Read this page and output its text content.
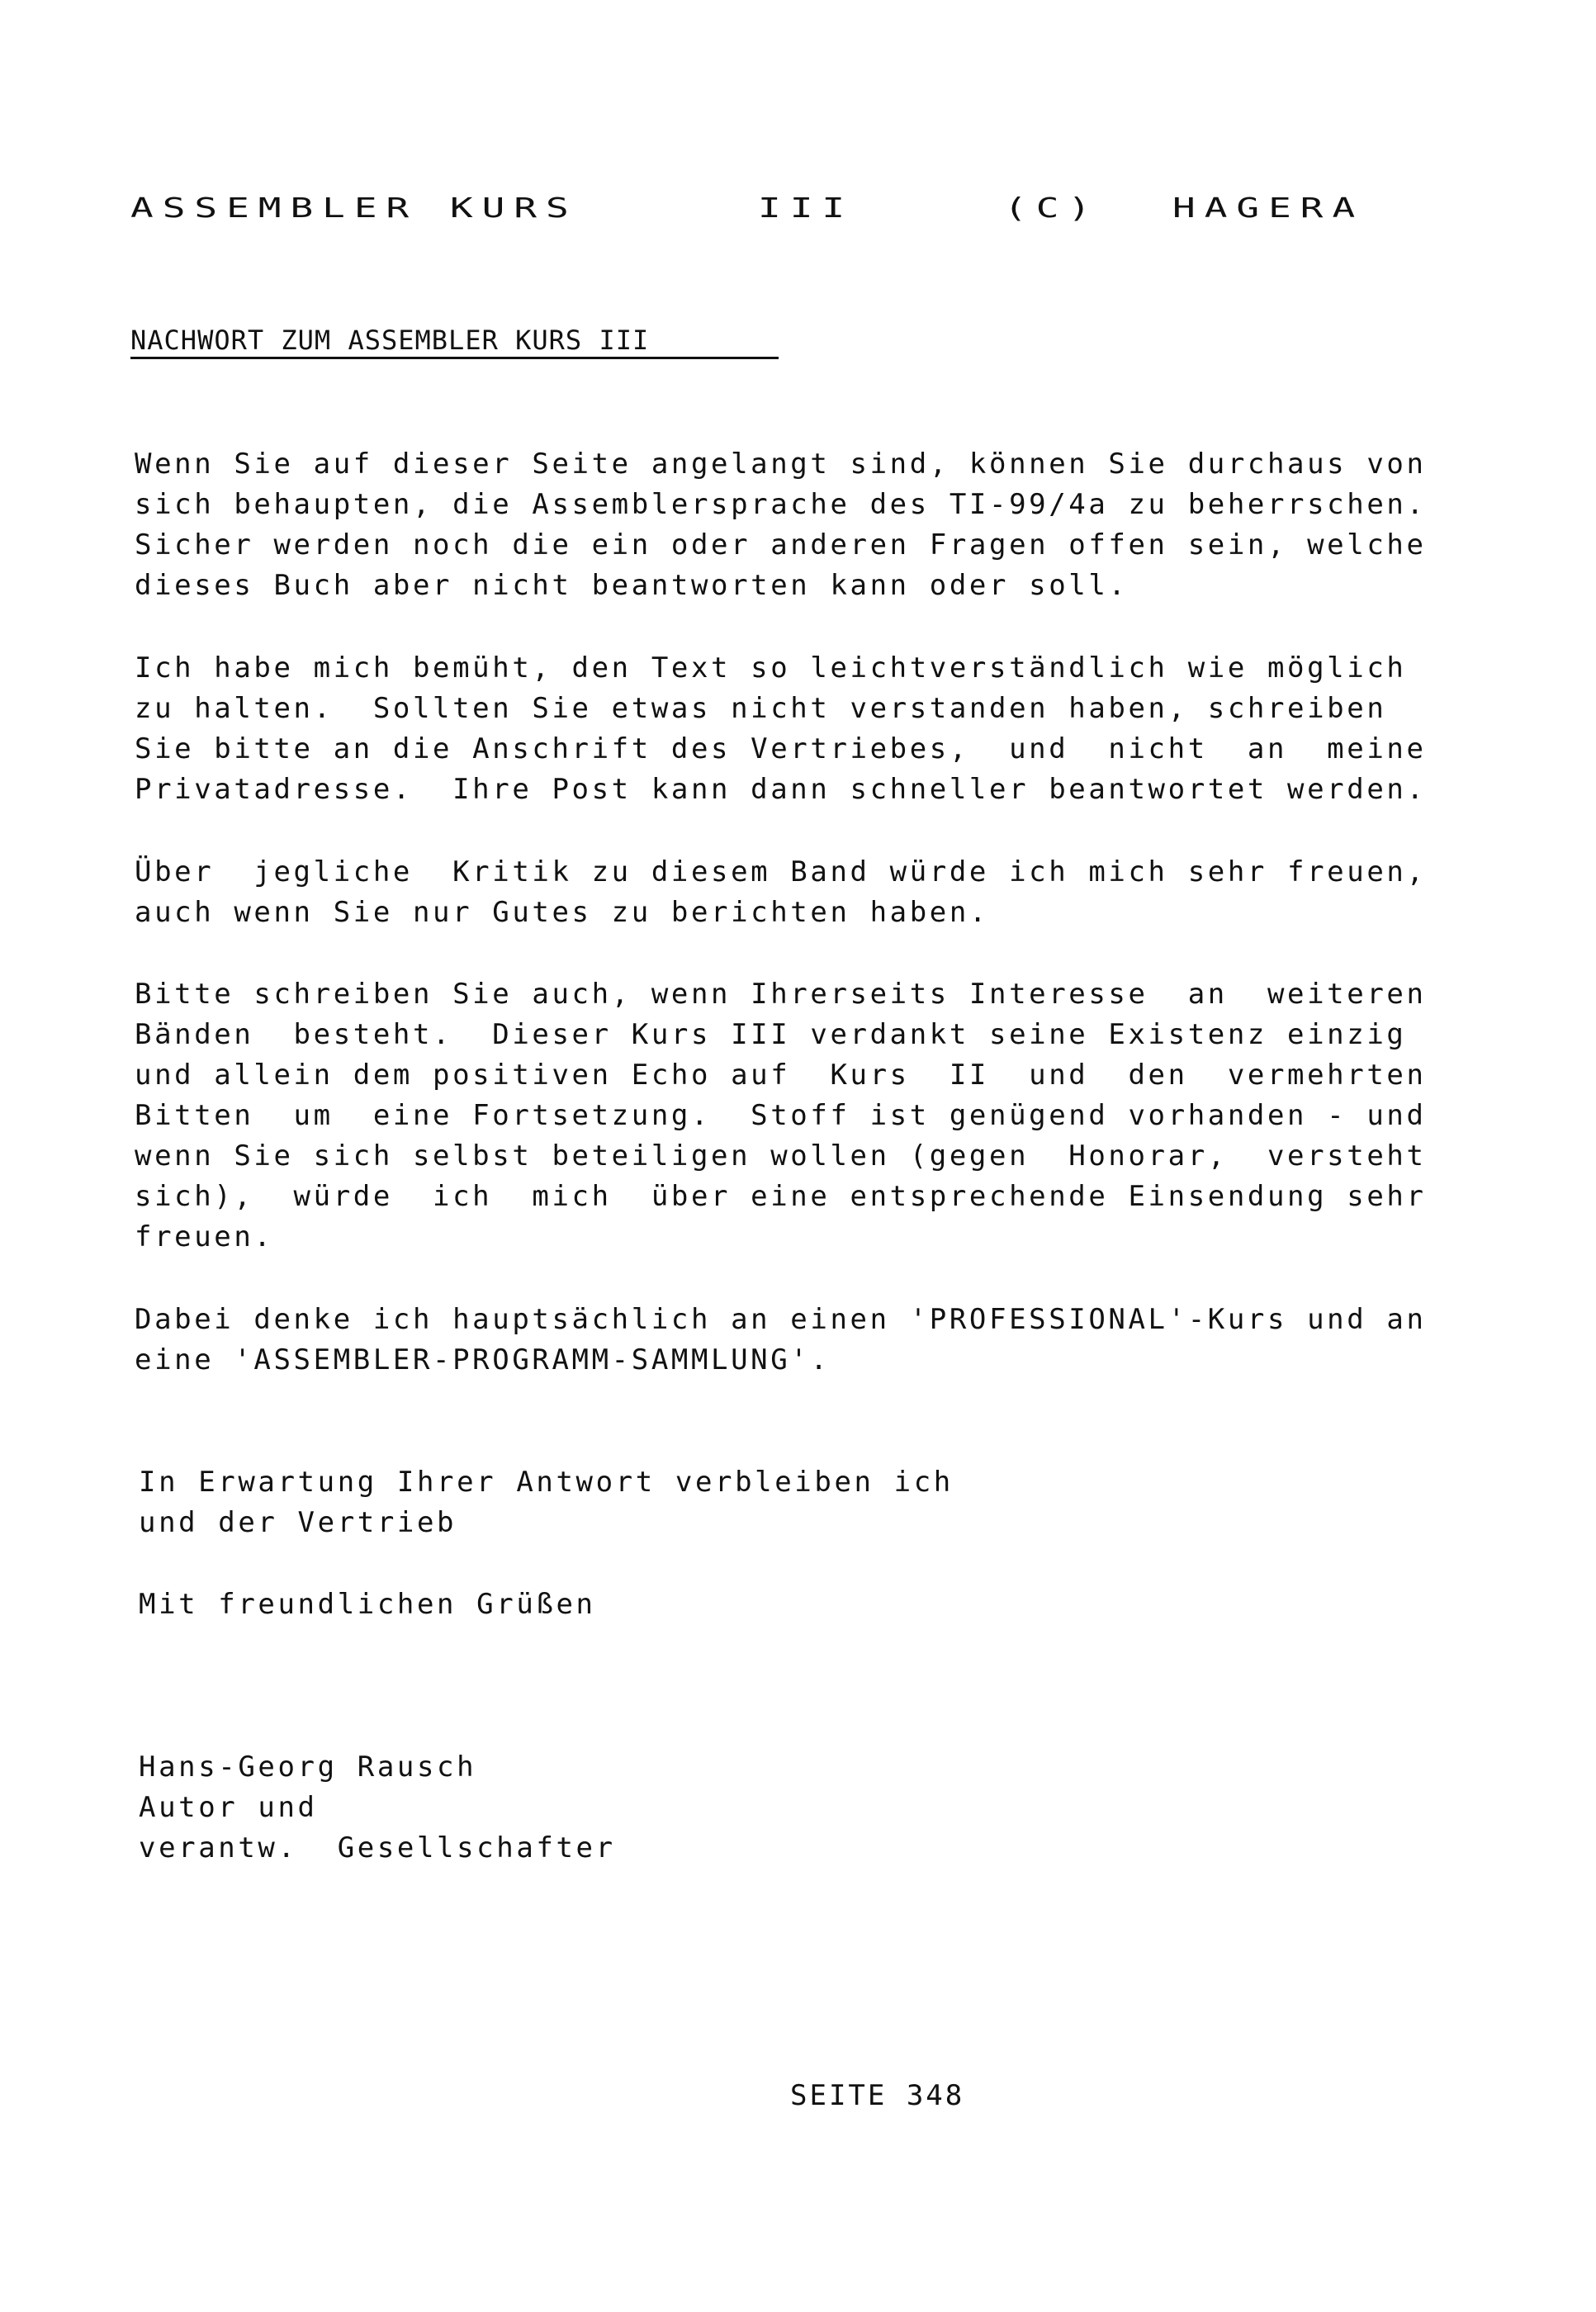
ASSEMBLER KURS	III	(C) HAGERA
NACHWORT ZUM ASSEMBLER KURS III
Wenn Sie auf dieser Seite angelangt sind, können Sie durchaus von
sich behaupten, die Assemblersprache des TI-99/4a zu beherrschen.
Sicher werden noch die ein oder anderen Fragen offen sein, welche
dieses Buch aber nicht beantworten kann oder soll.
Ich habe mich bemüht, den Text so leichtverständlich wie möglich
zu halten.  Sollten Sie etwas nicht verstanden haben, schreiben
Sie bitte an die Anschrift des Vertriebes,  und  nicht  an  meine
Privatadresse.  Ihre Post kann dann schneller beantwortet werden.
Über  jegliche  Kritik zu diesem Band würde ich mich sehr freuen,
auch wenn Sie nur Gutes zu berichten haben.
Bitte schreiben Sie auch, wenn Ihrerseits Interesse  an  weiteren
Bänden  besteht.  Dieser Kurs III verdankt seine Existenz einzig
und allein dem positiven Echo auf  Kurs  II  und  den  vermehrten
Bitten  um  eine Fortsetzung.  Stoff ist genügend vorhanden - und
wenn Sie sich selbst beteiligen wollen (gegen  Honorar,  versteht
sich),  würde  ich  mich  über eine entsprechende Einsendung sehr
freuen.
Dabei denke ich hauptsächlich an einen 'PROFESSIONAL'-Kurs und an
eine 'ASSEMBLER-PROGRAMM-SAMMLUNG'.
In Erwartung Ihrer Antwort verbleiben ich
und der Vertrieb
Mit freundlichen Grüßen
Hans-Georg Rausch
Autor und
verantw.  Gesellschafter
SEITE 348
